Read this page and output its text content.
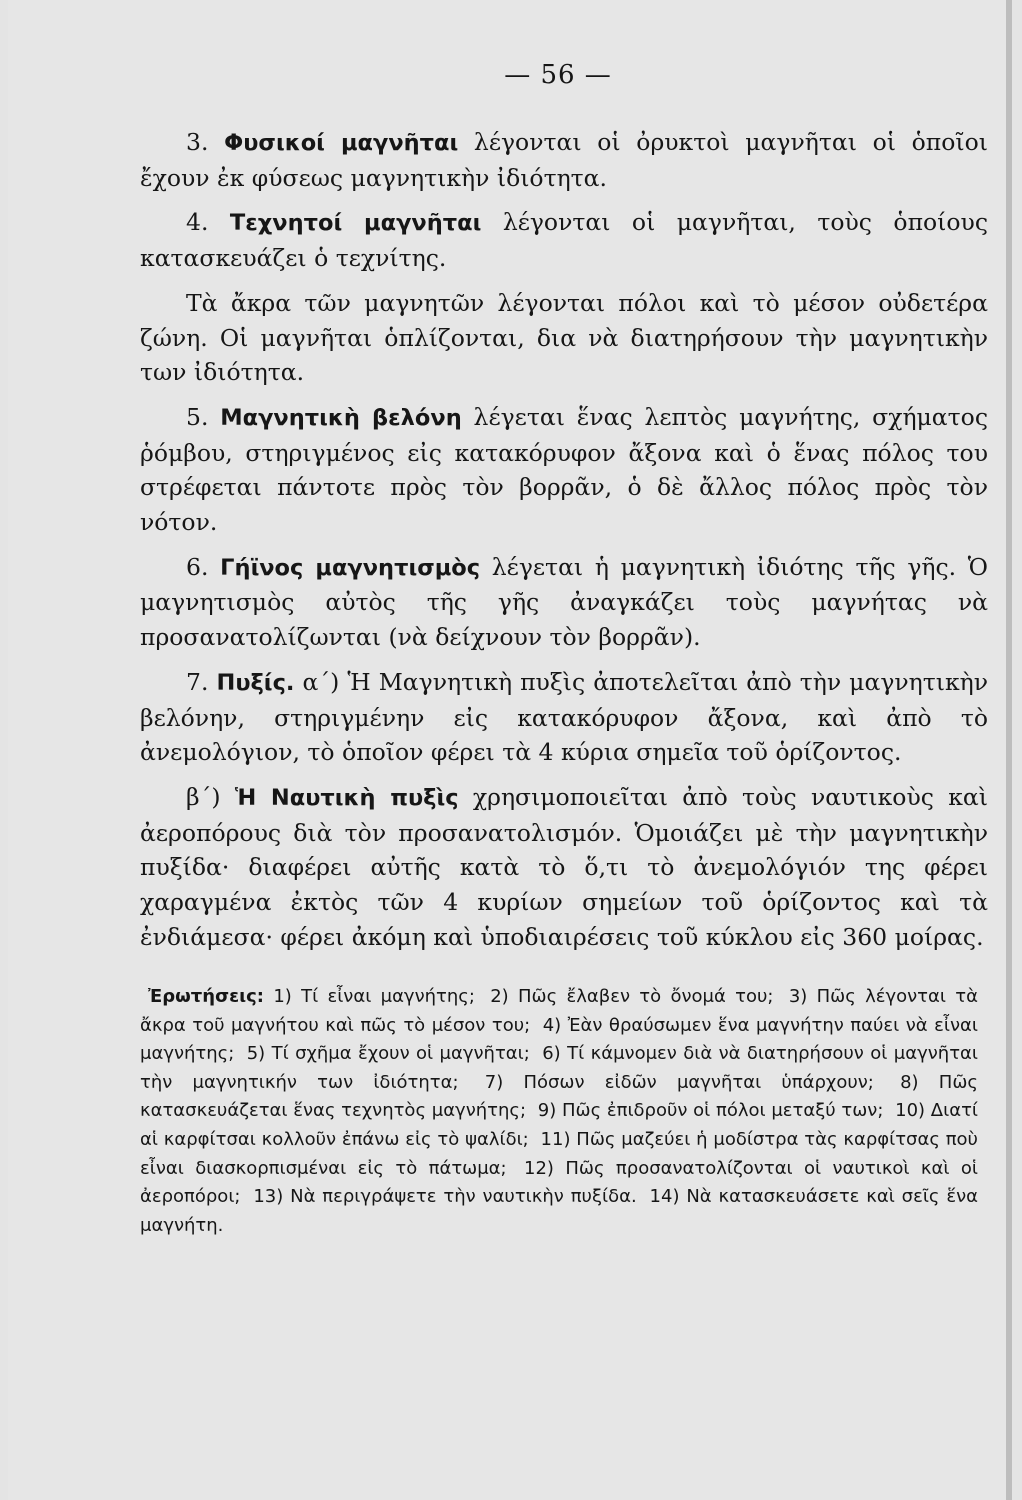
— 56 —

3. Φυσικοί μαγνῆται λέγονται οἱ ὀρυκτοὶ μαγνῆται οἱ ὁποῖοι ἔχουν ἐκ φύσεως μαγνητικὴν ἰδιότητα.

4. Τεχνητοί μαγνῆται λέγονται οἱ μαγνῆται, τοὺς ὁποίους κατασκευάζει ὁ τεχνίτης.

Τὰ ἄκρα τῶν μαγνητῶν λέγονται πόλοι καὶ τὸ μέσον οὐδετέρα ζώνη. Οἱ μαγνῆται ὁπλίζονται, δια νὰ διατηρήσουν τὴν μαγνητικὴν των ἰδιότητα.

5. Μαγνητικὴ βελόνη λέγεται ἕνας λεπτὸς μαγνήτης, σχήματος ῥόμβου, στηριγμένος εἰς κατακόρυφον ἄξονα καὶ ὁ ἕνας πόλος του στρέφεται πάντοτε πρὸς τὸν βορρᾶν, ὁ δὲ ἄλλος πόλος πρὸς τὸν νότον.

6. Γήϊνος μαγνητισμὸς λέγεται ἡ μαγνητικὴ ἰδιότης τῆς γῆς. Ὁ μαγνητισμὸς αὐτὸς τῆς γῆς ἀναγκάζει τοὺς μαγνήτας νὰ προσανατολίζωνται (νὰ δείχνουν τὸν βορρᾶν).

7. Πυξίς. α΄) Ἡ Μαγνητικὴ πυξὶς ἀποτελεῖται ἀπὸ τὴν μαγνητικὴν βελόνην, στηριγμένην εἰς κατακόρυφον ἄξονα, καὶ ἀπὸ τὸ ἀνεμολόγιον, τὸ ὁποῖον φέρει τὰ 4 κύρια σημεῖα τοῦ ὁρίζοντος.

β΄) Ἡ Ναυτικὴ πυξὶς χρησιμοποιεῖται ἀπὸ τοὺς ναυτικοὺς καὶ ἀεροπόρους διὰ τὸν προσανατολισμόν. Ὁμοιάζει μὲ τὴν μαγνητικὴν πυξίδα· διαφέρει αὐτῆς κατὰ τὸ ὅ,τι τὸ ἀνεμολόγιόν της φέρει χαραγμένα ἐκτὸς τῶν 4 κυρίων σημείων τοῦ ὁρίζοντος καὶ τὰ ἐνδιάμεσα· φέρει ἀκόμη καὶ ὑποδιαιρέσεις τοῦ κύκλου εἰς 360 μοίρας.

Ἐρωτήσεις: 1) Τί εἶναι μαγνήτης; 2) Πῶς ἔλαβεν τὸ ὄνομά του; 3) Πῶς λέγονται τὰ ἄκρα τοῦ μαγνήτου καὶ πῶς τὸ μέσον του; 4) Ἐὰν θραύσωμεν ἕνα μαγνήτην παύει νὰ εἶναι μαγνήτης; 5) Τί σχῆμα ἔχουν οἱ μαγνῆται; 6) Τί κάμνομεν διὰ νὰ διατηρήσουν οἱ μαγνῆται τὴν μαγνητικήν των ἰδιότητα; 7) Πόσων εἰδῶν μαγνῆται ὑπάρχουν; 8) Πῶς κατασκευάζεται ἕνας τεχνητὸς μαγνήτης; 9) Πῶς ἐπιδροῦν οἱ πόλοι μεταξύ των; 10) Διατί αἱ καρφίτσαι κολλοῦν ἐπάνω εἰς τὸ ψαλίδι; 11) Πῶς μαζεύει ἡ μοδίστρα τὰς καρφίτσας ποὺ εἶναι διασκορπισμέναι εἰς τὸ πάτωμα; 12) Πῶς προσανατολίζονται οἱ ναυτικοὶ καὶ οἱ ἀεροπόροι; 13) Νὰ περιγράψετε τὴν ναυτικὴν πυξίδα. 14) Νὰ κατασκευάσετε καὶ σεῖς ἕνα μαγνήτη.
